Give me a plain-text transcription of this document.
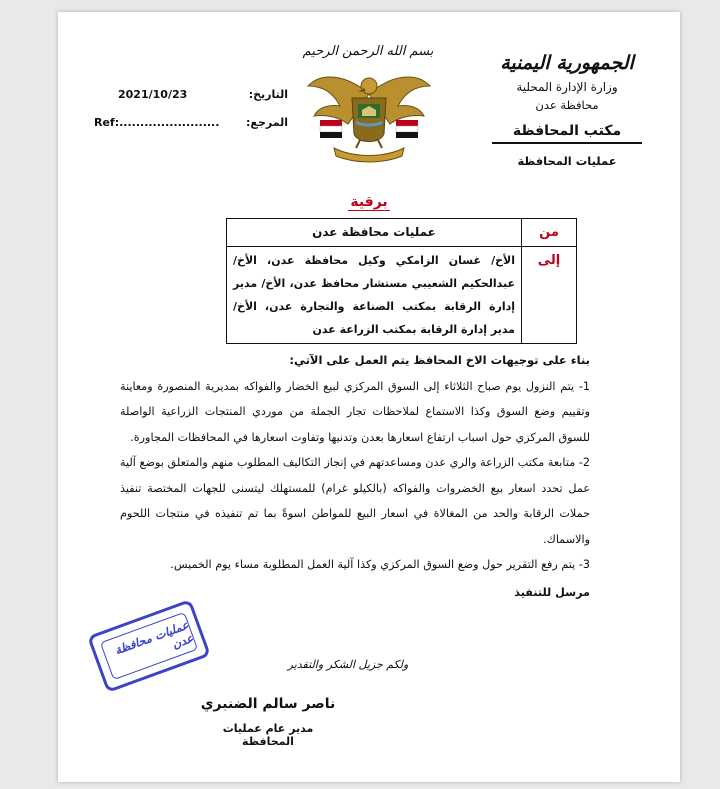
الجمهورية اليمنية
وزارة الإدارة المحلية
محافظة عدن
مكتب المحافظة
عمليات المحافظة
بسم الله الرحمن الرحيم
2021/10/23	التاريخ:
Ref:........................ المرجع:
برقية
من	عمليات محافظة عدن
إلى	الأخ/ غسان الزامكي وكيل محافظة عدن، الأخ/ عبدالحكيم الشعيبي مستشار محافظ عدن، الأخ/ مدير إدارة الرقابة بمكتب الصناعة والتجارة عدن، الأخ/ مدير إدارة الرقابة بمكتب الزراعة عدن
بناء على توجيهات الاخ المحافظ يتم العمل على الآتي:

1- يتم النزول يوم صباح الثلاثاء إلى السوق المركزي لبيع الخضار والفواكه بمديرية المنصورة ومعاينة وتقييم وضع السوق وكذا الاستماع لملاحظات تجار الجملة من موردي المنتجات الزراعية الواصلة للسوق المركزي حول اسباب ارتفاع اسعارها بعدن وتدنيها وتفاوت اسعارها في المحافظات المجاورة.

2- متابعة مكتب الزراعة والري عدن ومساعدتهم في إنجاز التكاليف المطلوب منهم والمتعلق بوضع آلية عمل تحدد اسعار بيع الخضروات والفواكه (بالكيلو غرام) للمستهلك ليتسنى للجهات المختصة تنفيذ حملات الرقابة والحد من المغالاة في اسعار البيع للمواطن اسوةً بما تم تنفيذه في منتجات اللحوم والاسماك.

3- يتم رفع التقرير حول وضع السوق المركزي وكذا آلية العمل المطلوبة مساء يوم الخميس.

مرسل للتنفيذ
ولكم جزيل الشكر والتقدير
ناصر سالم الضنبري
مدير عام عمليات المحافظة
عمليات محافظة عدن
